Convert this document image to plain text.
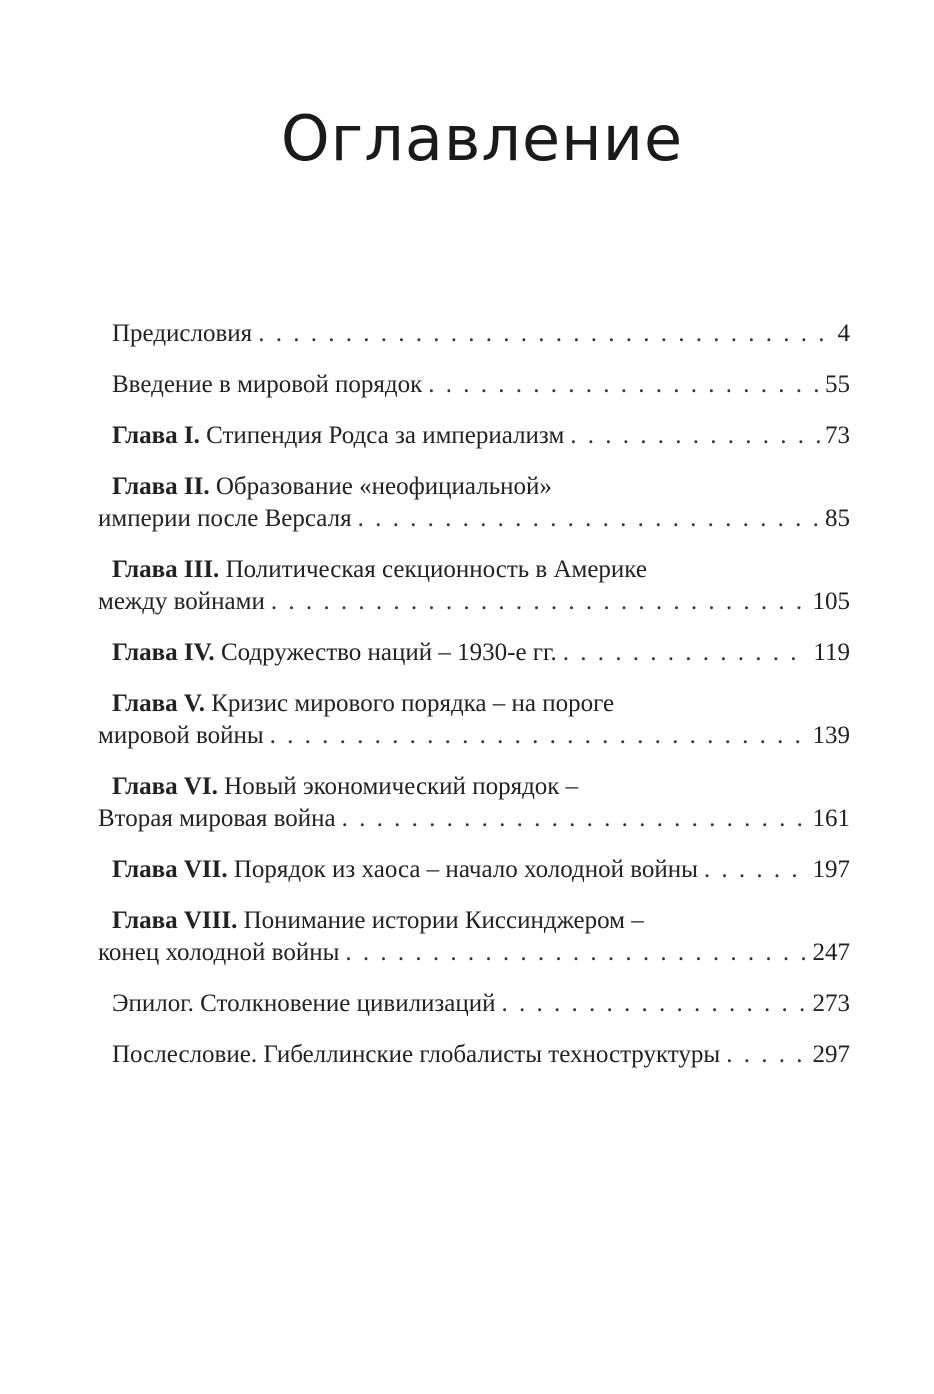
Оглавление
Предисловия . . .	4
Введение в мировой порядок . . .	55
Глава I. Стипендия Родса за империализм . . .	73
Глава II. Образование «неофициальной»
империи после Версаля . . .	85
Глава III. Политическая секционность в Америке
между войнами . . .	105
Глава IV. Содружество наций – 1930-е гг. . . .	119
Глава V. Кризис мирового порядка – на пороге
мировой войны . . .	139
Глава VI. Новый экономический порядок –
Вторая мировая война . . .	161
Глава VII. Порядок из хаоса – начало холодной войны . . .	197
Глава VIII. Понимание истории Киссинджером –
конец холодной войны . . .	247
Эпилог. Столкновение цивилизаций . . .	273
Послесловие. Гибеллинские глобалисты техноструктуры . . .	297
